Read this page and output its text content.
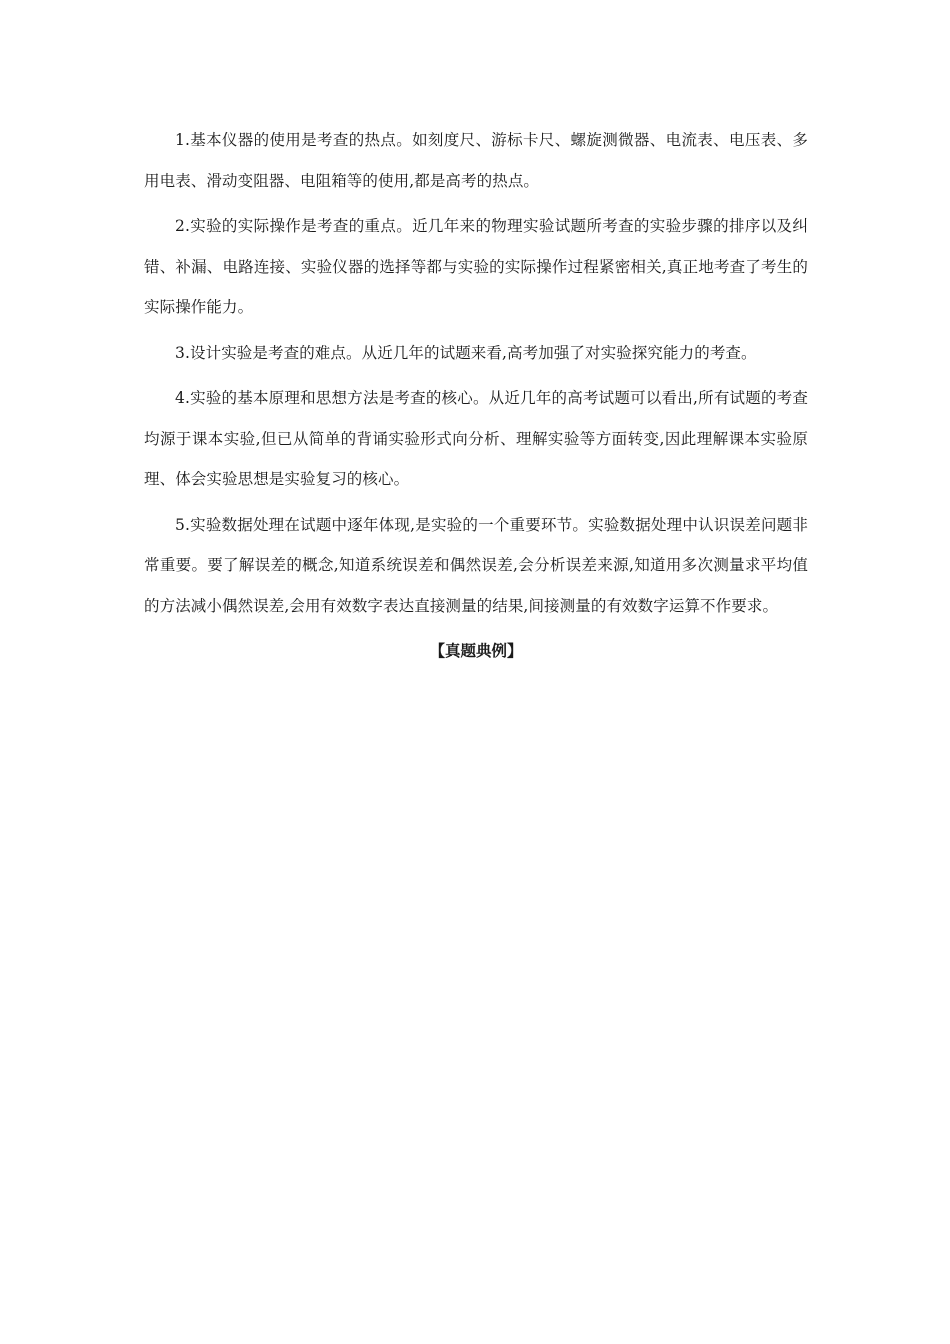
1.基本仪器的使用是考查的热点。如刻度尺、游标卡尺、螺旋测微器、电流表、电压表、多用电表、滑动变阻器、电阻箱等的使用,都是高考的热点。

2.实验的实际操作是考查的重点。近几年来的物理实验试题所考查的实验步骤的排序以及纠错、补漏、电路连接、实验仪器的选择等都与实验的实际操作过程紧密相关,真正地考查了考生的实际操作能力。

3.设计实验是考查的难点。从近几年的试题来看,高考加强了对实验探究能力的考查。

4.实验的基本原理和思想方法是考查的核心。从近几年的高考试题可以看出,所有试题的考查均源于课本实验,但已从简单的背诵实验形式向分析、理解实验等方面转变,因此理解课本实验原理、体会实验思想是实验复习的核心。

5.实验数据处理在试题中逐年体现,是实验的一个重要环节。实验数据处理中认识误差问题非常重要。要了解误差的概念,知道系统误差和偶然误差,会分析误差来源,知道用多次测量求平均值的方法减小偶然误差,会用有效数字表达直接测量的结果,间接测量的有效数字运算不作要求。

【真题典例】
